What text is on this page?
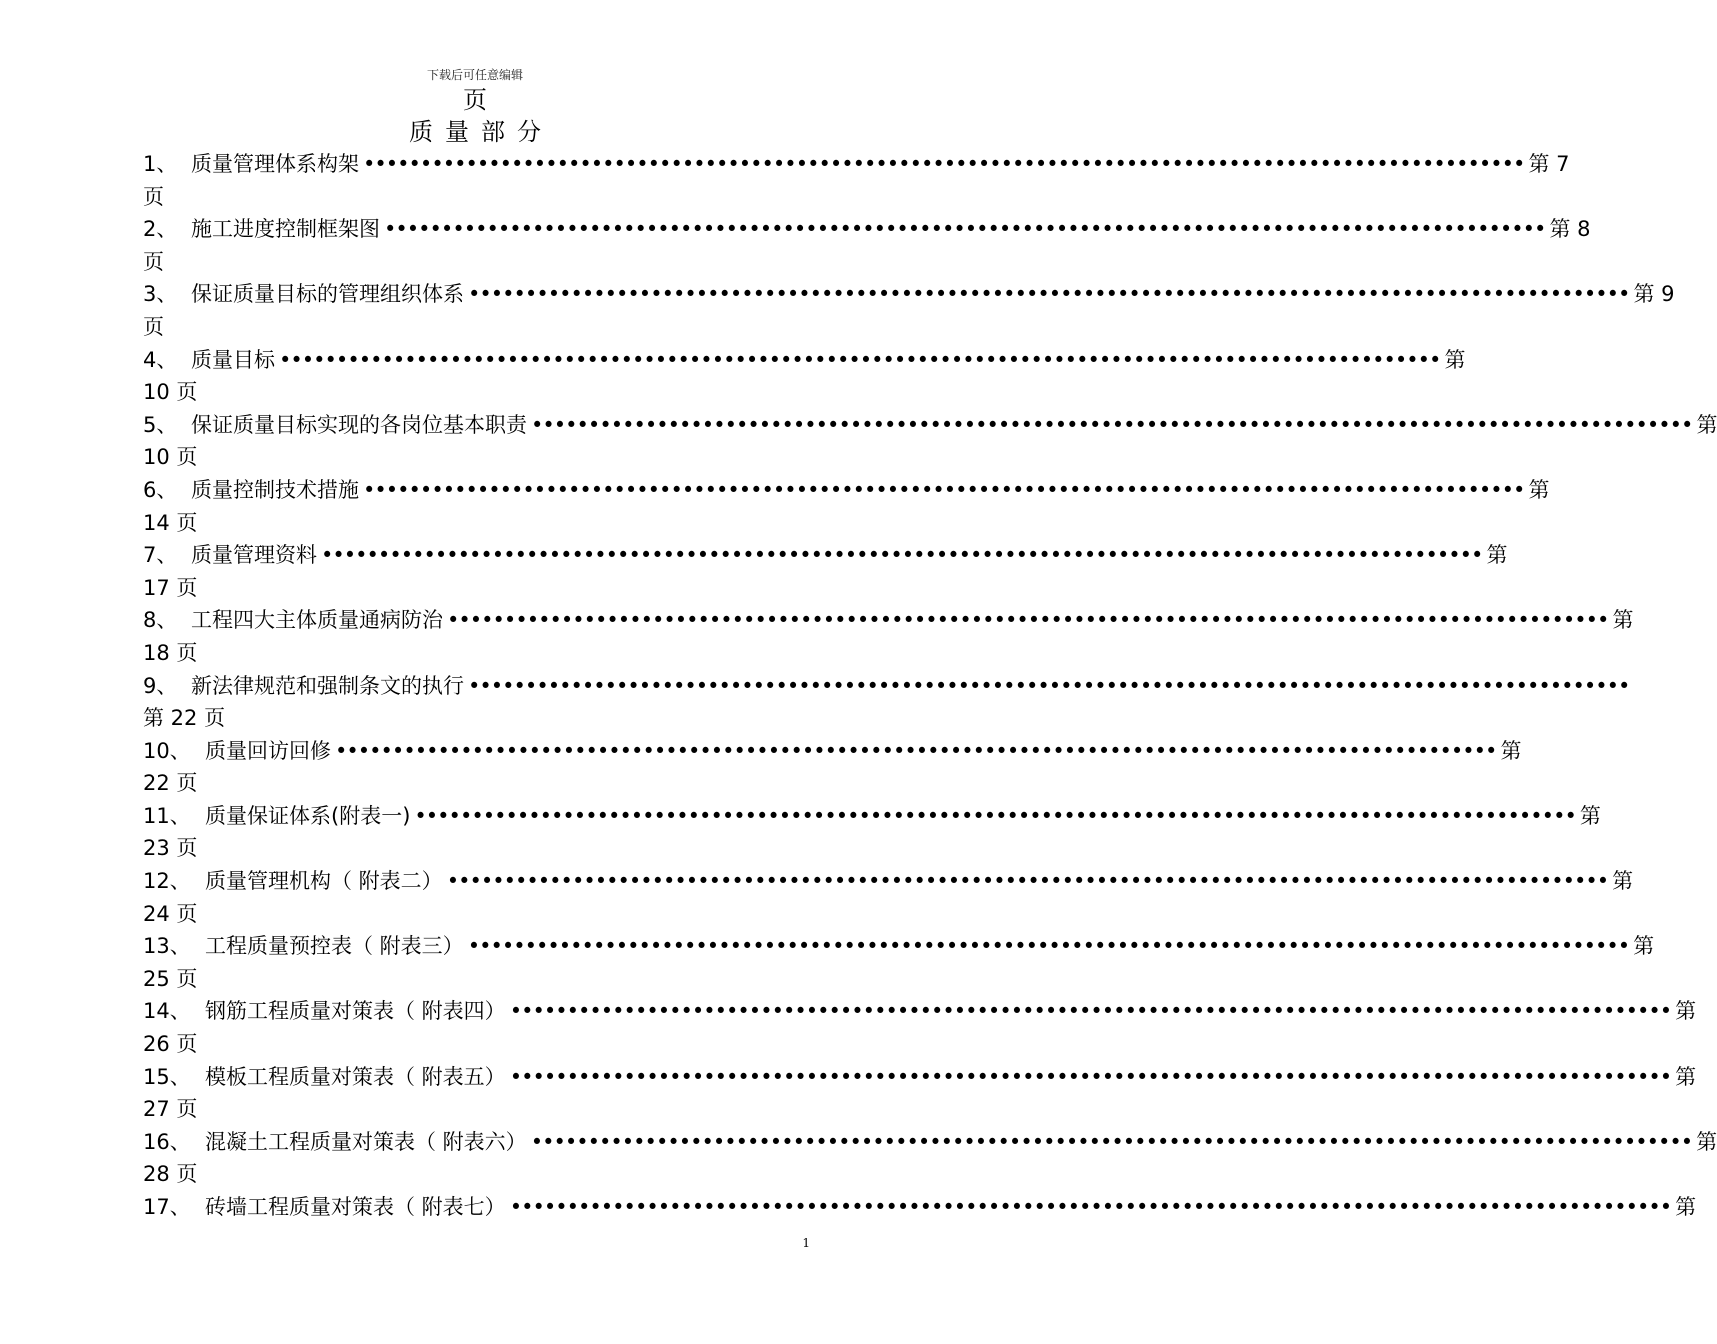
下载后可任意编辑
页
质量部分
1、 质量管理体系构架 •••••••••••••••••••••••••••••••••••••••••••••••••••••••••••••••••••••••••••••••••••••••••••••••••••••• 第 7
页
2、 施工进度控制框架图 •••••••••••••••••••••••••••••••••••••••••••••••••••••••••••••••••••••••••••••••••••••••••••••••••••••• 第 8
页
3、 保证质量目标的管理组织体系 •••••••••••••••••••••••••••••••••••••••••••••••••••••••••••••••••••••••••••••••••••••••••••••••••••••• 第 9
页
4、 质量目标 •••••••••••••••••••••••••••••••••••••••••••••••••••••••••••••••••••••••••••••••••••••••••••••••••••••• 第
10 页
5、 保证质量目标实现的各岗位基本职责 •••••••••••••••••••••••••••••••••••••••••••••••••••••••••••••••••••••••••••••••••••••••••••••••••••••• 第
10 页
6、 质量控制技术措施 •••••••••••••••••••••••••••••••••••••••••••••••••••••••••••••••••••••••••••••••••••••••••••••••••••••• 第
14 页
7、 质量管理资料 •••••••••••••••••••••••••••••••••••••••••••••••••••••••••••••••••••••••••••••••••••••••••••••••••••••• 第
17 页
8、 工程四大主体质量通病防治 •••••••••••••••••••••••••••••••••••••••••••••••••••••••••••••••••••••••••••••••••••••••••••••••••••••• 第
18 页
9、 新法律规范和强制条文的执行 ••••••••••••••••••••••••••••••••••••••••••••••••••••••••••••••••••••••••••••••••••••••••••••••••••••••
第 22 页
10、 质量回访回修 •••••••••••••••••••••••••••••••••••••••••••••••••••••••••••••••••••••••••••••••••••••••••••••••••••••• 第
22 页
11、 质量保证体系(附表一) •••••••••••••••••••••••••••••••••••••••••••••••••••••••••••••••••••••••••••••••••••••••••••••••••••••• 第
23 页
12、 质量管理机构（ 附表二） •••••••••••••••••••••••••••••••••••••••••••••••••••••••••••••••••••••••••••••••••••••••••••••••••••••• 第
24 页
13、 工程质量预控表（ 附表三） •••••••••••••••••••••••••••••••••••••••••••••••••••••••••••••••••••••••••••••••••••••••••••••••••••••• 第
25 页
14、 钢筋工程质量对策表（ 附表四） •••••••••••••••••••••••••••••••••••••••••••••••••••••••••••••••••••••••••••••••••••••••••••••••••••••• 第
26 页
15、 模板工程质量对策表（ 附表五） •••••••••••••••••••••••••••••••••••••••••••••••••••••••••••••••••••••••••••••••••••••••••••••••••••••• 第
27 页
16、 混凝土工程质量对策表（ 附表六） •••••••••••••••••••••••••••••••••••••••••••••••••••••••••••••••••••••••••••••••••••••••••••••••••••••• 第
28 页
17、 砖墙工程质量对策表（ 附表七） •••••••••••••••••••••••••••••••••••••••••••••••••••••••••••••••••••••••••••••••••••••••••••••••••••••• 第
1
